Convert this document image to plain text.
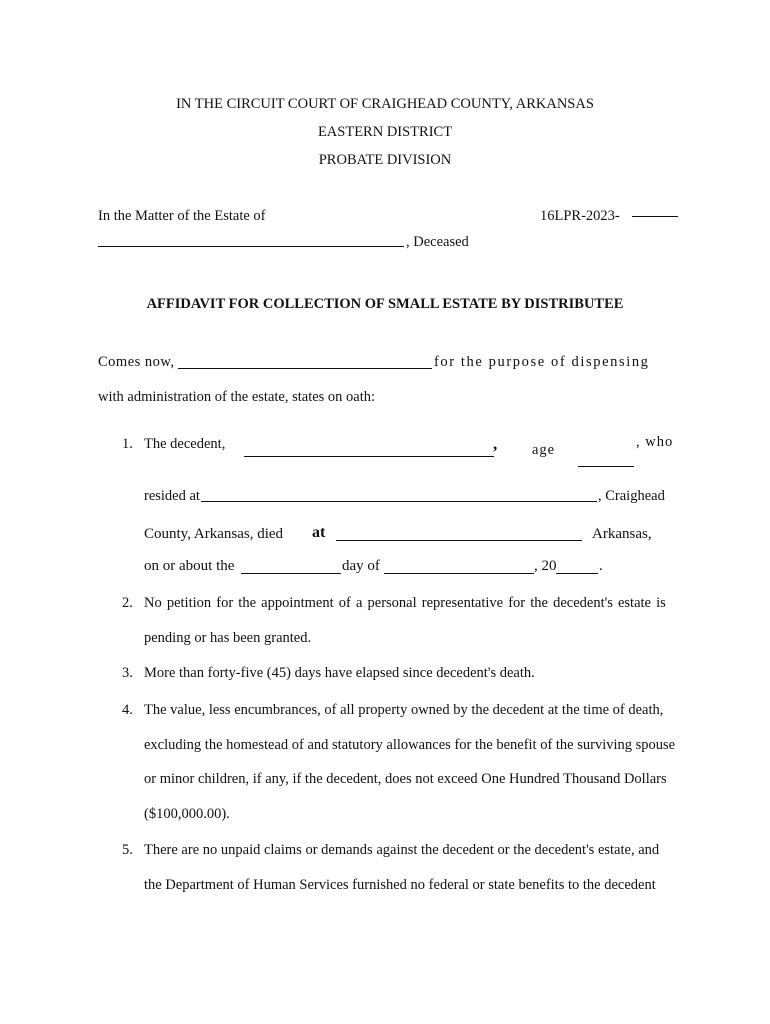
IN THE CIRCUIT COURT OF CRAIGHEAD COUNTY, ARKANSAS
EASTERN DISTRICT
PROBATE DIVISION
In the Matter of the Estate of	16LPR-2023-
, Deceased
AFFIDAVIT FOR COLLECTION OF SMALL ESTATE BY DISTRIBUTEE
Comes now,	for the purpose of dispensing
with administration of the estate, states on oath:
1. The decedent,	, age	, who
resided at	, Craighead
County, Arkansas, died at	Arkansas,
on or about the	day of	, 20	.
2. No petition for the appointment of a personal representative for the decedent's estate is
pending or has been granted.
3. More than forty-five (45) days have elapsed since decedent's death.
4. The value, less encumbrances, of all property owned by the decedent at the time of death,
excluding the homestead of and statutory allowances for the benefit of the surviving spouse
or minor children, if any, if the decedent, does not exceed One Hundred Thousand Dollars
($100,000.00).
5. There are no unpaid claims or demands against the decedent or the decedent's estate, and
the Department of Human Services furnished no federal or state benefits to the decedent
